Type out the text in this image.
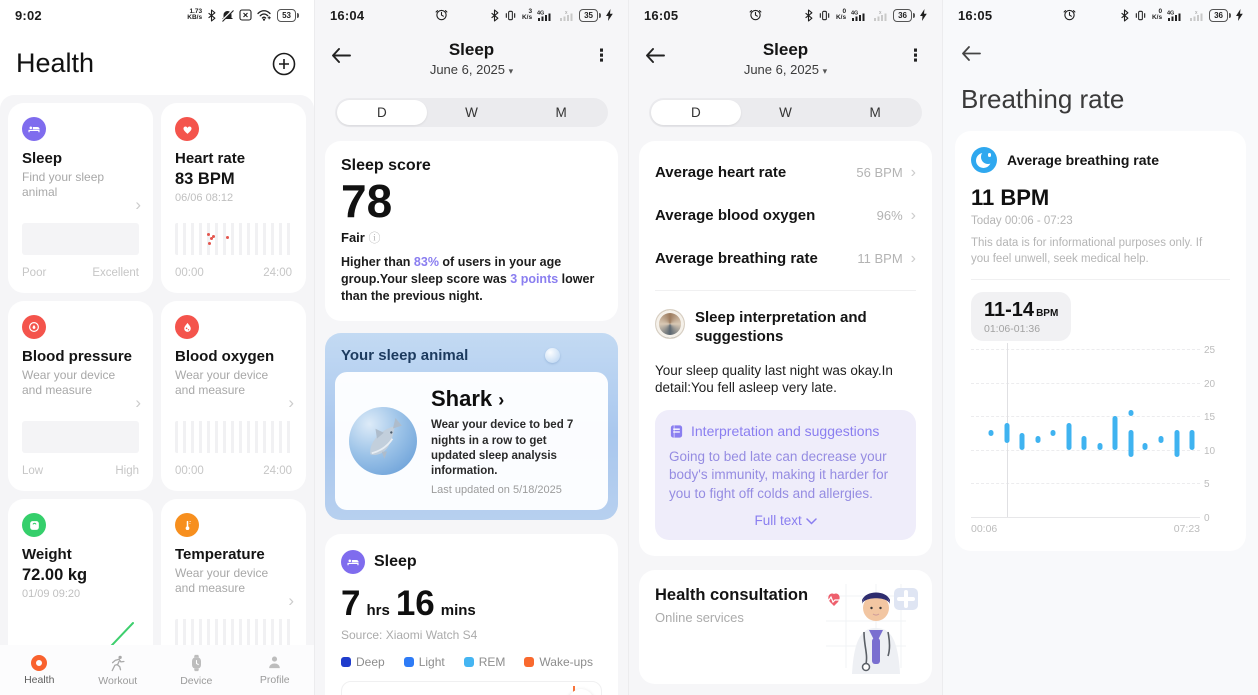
9:02	1.73
KB/s	53
Health
Sleep
Find your sleep animal
›
Poor	Excellent
Heart rate
83 BPM
06/06 08:12
00:00	24:00
Blood pressure
Wear your device and measure
›
Low	High
Blood oxygen
Wear your device and measure
›
00:00	24:00
Weight
72.00 kg
01/09 09:20
Temperature
Wear your device and measure
›
Health	Workout	Device	Profile
16:04	3
K/s
4G	x	35
Sleep
June 6, 2025 ▾
⋮
D	W	M
Sleep score
78
Fair ⓘ
Higher than 83% of users in your age group.Your sleep score was 3 points lower than the previous night.
Your sleep animal
Shark ›
Wear your device to bed 7 nights in a row to get updated sleep analysis information.
Last updated on 5/18/2025
Sleep
7 hrs 16 mins
Source: Xiaomi Watch S4
Deep	Light	REM	Wake-ups
16:05	0
K/s
4G	x	36
Sleep
June 6, 2025 ▾
⋮
D	W	M
Average heart rate	56 BPM ›
Average blood oxygen	96% ›
Average breathing rate	11 BPM ›
Sleep interpretation and suggestions
Your sleep quality last night was okay.In detail:You fell asleep very late.
Interpretation and suggestions
Going to bed late can decrease your body's immunity, making it harder for you to fight off colds and allergies.
Full text
Health consultation
Online services
16:05	0
K/s
4G	x	36
Breathing rate
Average breathing rate
11 BPM
Today 00:06 - 07:23
This data is for informational purposes only. If you feel unwell, seek medical help.
11-14 BPM
01:06-01:36
0
5
10
15
20
25
00:06	07:23
